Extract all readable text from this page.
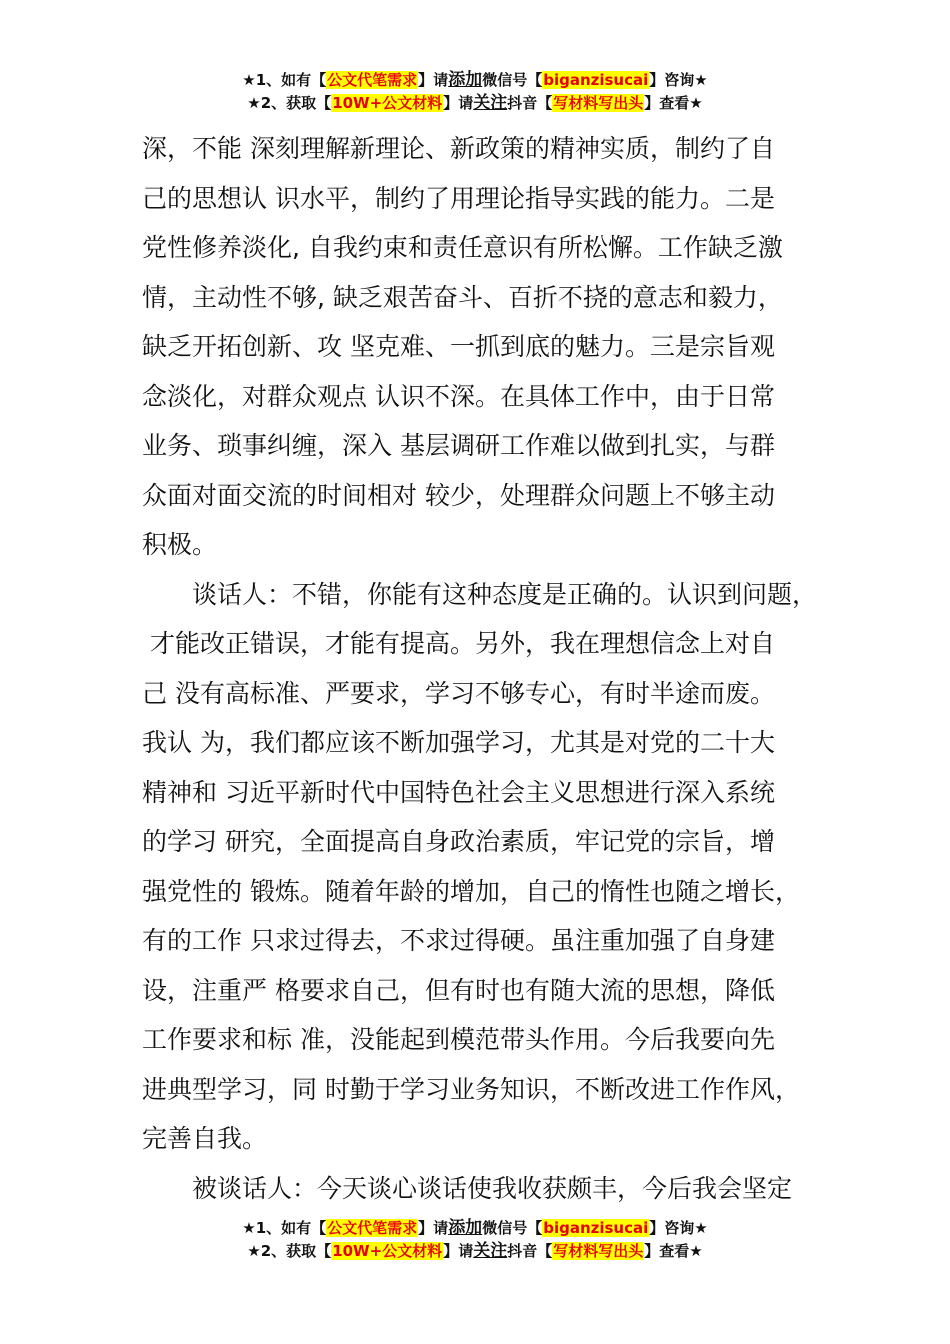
★1、如有【公文代笔需求】请添加微信号【biganzisucai】咨询★
★2、获取【10W+公文材料】请关注抖音【写材料写出头】查看★
深，不能 深刻理解新理论、新政策的精神实质，制约了自
己的思想认 识水平，制约了用理论指导实践的能力。二是
党性修养淡化, 自我约束和责任意识有所松懈。工作缺乏激
情，主动性不够, 缺乏艰苦奋斗、百折不挠的意志和毅力，
缺乏开拓创新、攻 坚克难、一抓到底的魅力。三是宗旨观
念淡化，对群众观点 认识不深。在具体工作中，由于日常
业务、琐事纠缠，深入 基层调研工作难以做到扎实，与群
众面对面交流的时间相对 较少，处理群众问题上不够主动
积极。
谈话人：不错，你能有这种态度是正确的。认识到问题，
才能改正错误，才能有提高。另外，我在理想信念上对自
己 没有高标准、严要求，学习不够专心，有时半途而废。
我认 为，我们都应该不断加强学习，尤其是对党的二十大
精神和 习近平新时代中国特色社会主义思想进行深入系统
的学习 研究，全面提高自身政治素质，牢记党的宗旨，增
强党性的 锻炼。随着年龄的增加，自己的惰性也随之增长，
有的工作 只求过得去，不求过得硬。虽注重加强了自身建
设，注重严 格要求自己，但有时也有随大流的思想，降低
工作要求和标 准，没能起到模范带头作用。今后我要向先
进典型学习，同 时勤于学习业务知识，不断改进工作作风，
完善自我。
被谈话人：今天谈心谈话使我收获颇丰，今后我会坚定
★1、如有【公文代笔需求】请添加微信号【biganzisucai】咨询★
★2、获取【10W+公文材料】请关注抖音【写材料写出头】查看★
